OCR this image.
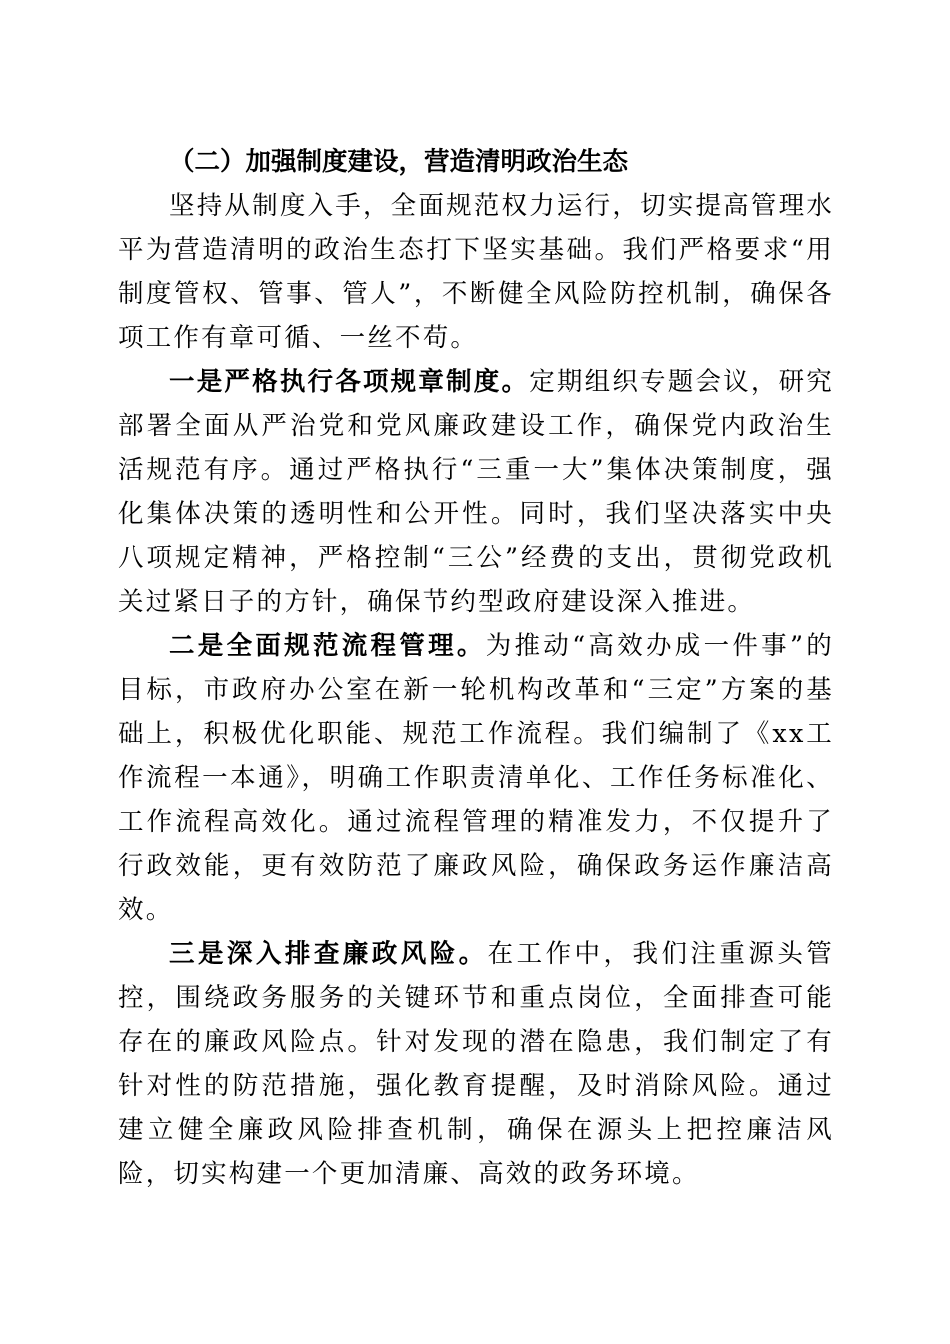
（二）加强制度建设，营造清明政治生态

坚持从制度入手，全面规范权力运行，切实提高管理水平为营造清明的政治生态打下坚实基础。我们严格要求“用制度管权、管事、管人”，不断健全风险防控机制，确保各项工作有章可循、一丝不苟。

一是严格执行各项规章制度。定期组织专题会议，研究部署全面从严治党和党风廉政建设工作，确保党内政治生活规范有序。通过严格执行“三重一大”集体决策制度，强化集体决策的透明性和公开性。同时，我们坚决落实中央八项规定精神，严格控制“三公”经费的支出，贯彻党政机关过紧日子的方针，确保节约型政府建设深入推进。

二是全面规范流程管理。为推动“高效办成一件事”的目标，市政府办公室在新一轮机构改革和“三定”方案的基础上，积极优化职能、规范工作流程。我们编制了《xx工作流程一本通》，明确工作职责清单化、工作任务标准化、工作流程高效化。通过流程管理的精准发力，不仅提升了行政效能，更有效防范了廉政风险，确保政务运作廉洁高效。

三是深入排查廉政风险。在工作中，我们注重源头管控，围绕政务服务的关键环节和重点岗位，全面排查可能存在的廉政风险点。针对发现的潜在隐患，我们制定了有针对性的防范措施，强化教育提醒，及时消除风险。通过建立健全廉政风险排查机制，确保在源头上把控廉洁风险，切实构建一个更加清廉、高效的政务环境。
